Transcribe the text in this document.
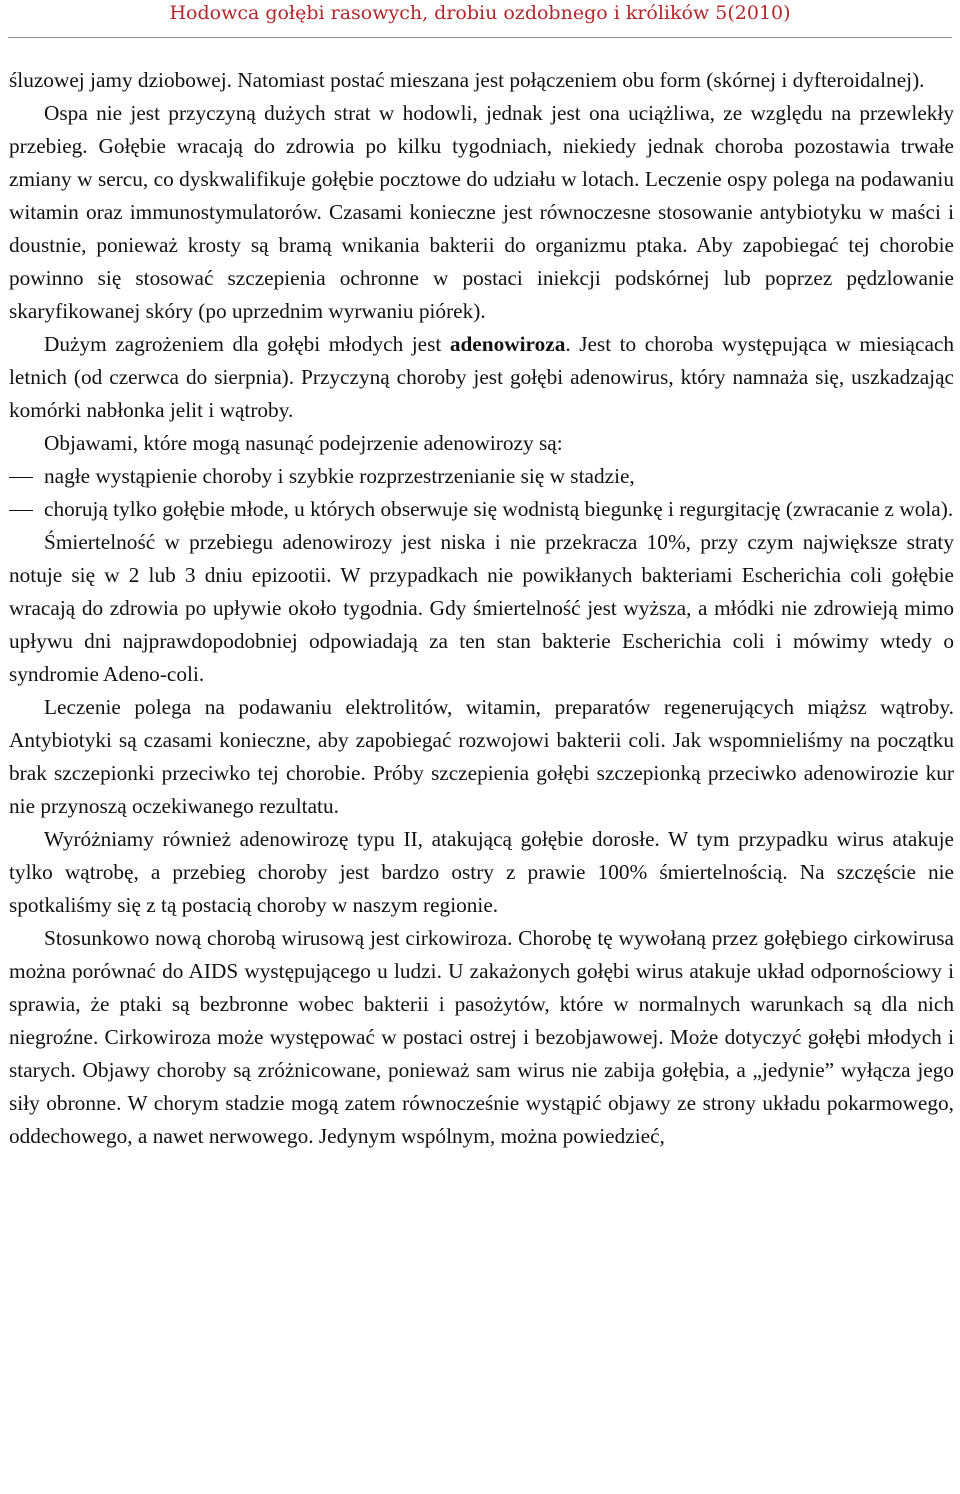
Hodowca gołębi rasowych, drobiu ozdobnego i królików 5(2010)

śluzowej jamy dziobowej. Natomiast postać mieszana jest połączeniem obu form (skórnej i dyfteroidalnej).

Ospa nie jest przyczyną dużych strat w hodowli, jednak jest ona uciążliwa, ze względu na przewlekły przebieg. Gołębie wracają do zdrowia po kilku tygodniach, niekiedy jednak choroba pozostawia trwałe zmiany w sercu, co dyskwalifikuje gołębie pocztowe do udziału w lotach. Leczenie ospy polega na podawaniu witamin oraz immunostymulatorów. Czasami konieczne jest równoczesne stosowanie antybiotyku w maści i doustnie, ponieważ krosty są bramą wnikania bakterii do organizmu ptaka. Aby zapobiegać tej chorobie powinno się stosować szczepienia ochronne w postaci iniekcji podskórnej lub poprzez pędzlowanie skaryfikowanej skóry (po uprzednim wyrwaniu piórek).

Dużym zagrożeniem dla gołębi młodych jest adenowiroza. Jest to choroba występująca w miesiącach letnich (od czerwca do sierpnia). Przyczyną choroby jest gołębi adenowirus, który namnaża się, uszkadzając komórki nabłonka jelit i wątroby.

Objawami, które mogą nasunąć podejrzenie adenowirozy są:

nagłe wystąpienie choroby i szybkie rozprzestrzenianie się w stadzie,
chorują tylko gołębie młode, u których obserwuje się wodnistą biegunkę i regurgitację (zwracanie z wola).

Śmiertelność w przebiegu adenowirozy jest niska i nie przekracza 10%, przy czym największe straty notuje się w 2 lub 3 dniu epizootii. W przypadkach nie powikłanych bakteriami Escherichia coli gołębie wracają do zdrowia po upływie około tygodnia. Gdy śmiertelność jest wyższa, a młódki nie zdrowieją mimo upływu dni najprawdopodobniej odpowiadają za ten stan bakterie Escherichia coli i mówimy wtedy o syndromie Adeno-coli.

Leczenie polega na podawaniu elektrolitów, witamin, preparatów regenerujących miąższ wątroby. Antybiotyki są czasami konieczne, aby zapobiegać rozwojowi bakterii coli. Jak wspomnieliśmy na początku brak szczepionki przeciwko tej chorobie. Próby szczepienia gołębi szczepionką przeciwko adenowirozie kur nie przynoszą oczekiwanego rezultatu.

Wyróżniamy również adenowirozę typu II, atakującą gołębie dorosłe. W tym przypadku wirus atakuje tylko wątrobę, a przebieg choroby jest bardzo ostry z prawie 100% śmiertelnością. Na szczęście nie spotkaliśmy się z tą postacią choroby w naszym regionie.

Stosunkowo nową chorobą wirusową jest cirkowiroza. Chorobę tę wywołaną przez gołębiego cirkowirusa można porównać do AIDS występującego u ludzi. U zakażonych gołębi wirus atakuje układ odpornościowy i sprawia, że ptaki są bezbronne wobec bakterii i pasożytów, które w normalnych warunkach są dla nich niegroźne. Cirkowiroza może występować w postaci ostrej i bezobjawowej. Może dotyczyć gołębi młodych i starych. Objawy choroby są zróżnicowane, ponieważ sam wirus nie zabija gołębia, a „jedynie” wyłącza jego siły obronne. W chorym stadzie mogą zatem równocześnie wystąpić objawy ze strony układu pokarmowego, oddechowego, a nawet nerwowego. Jedynym wspólnym, można powiedzieć,
